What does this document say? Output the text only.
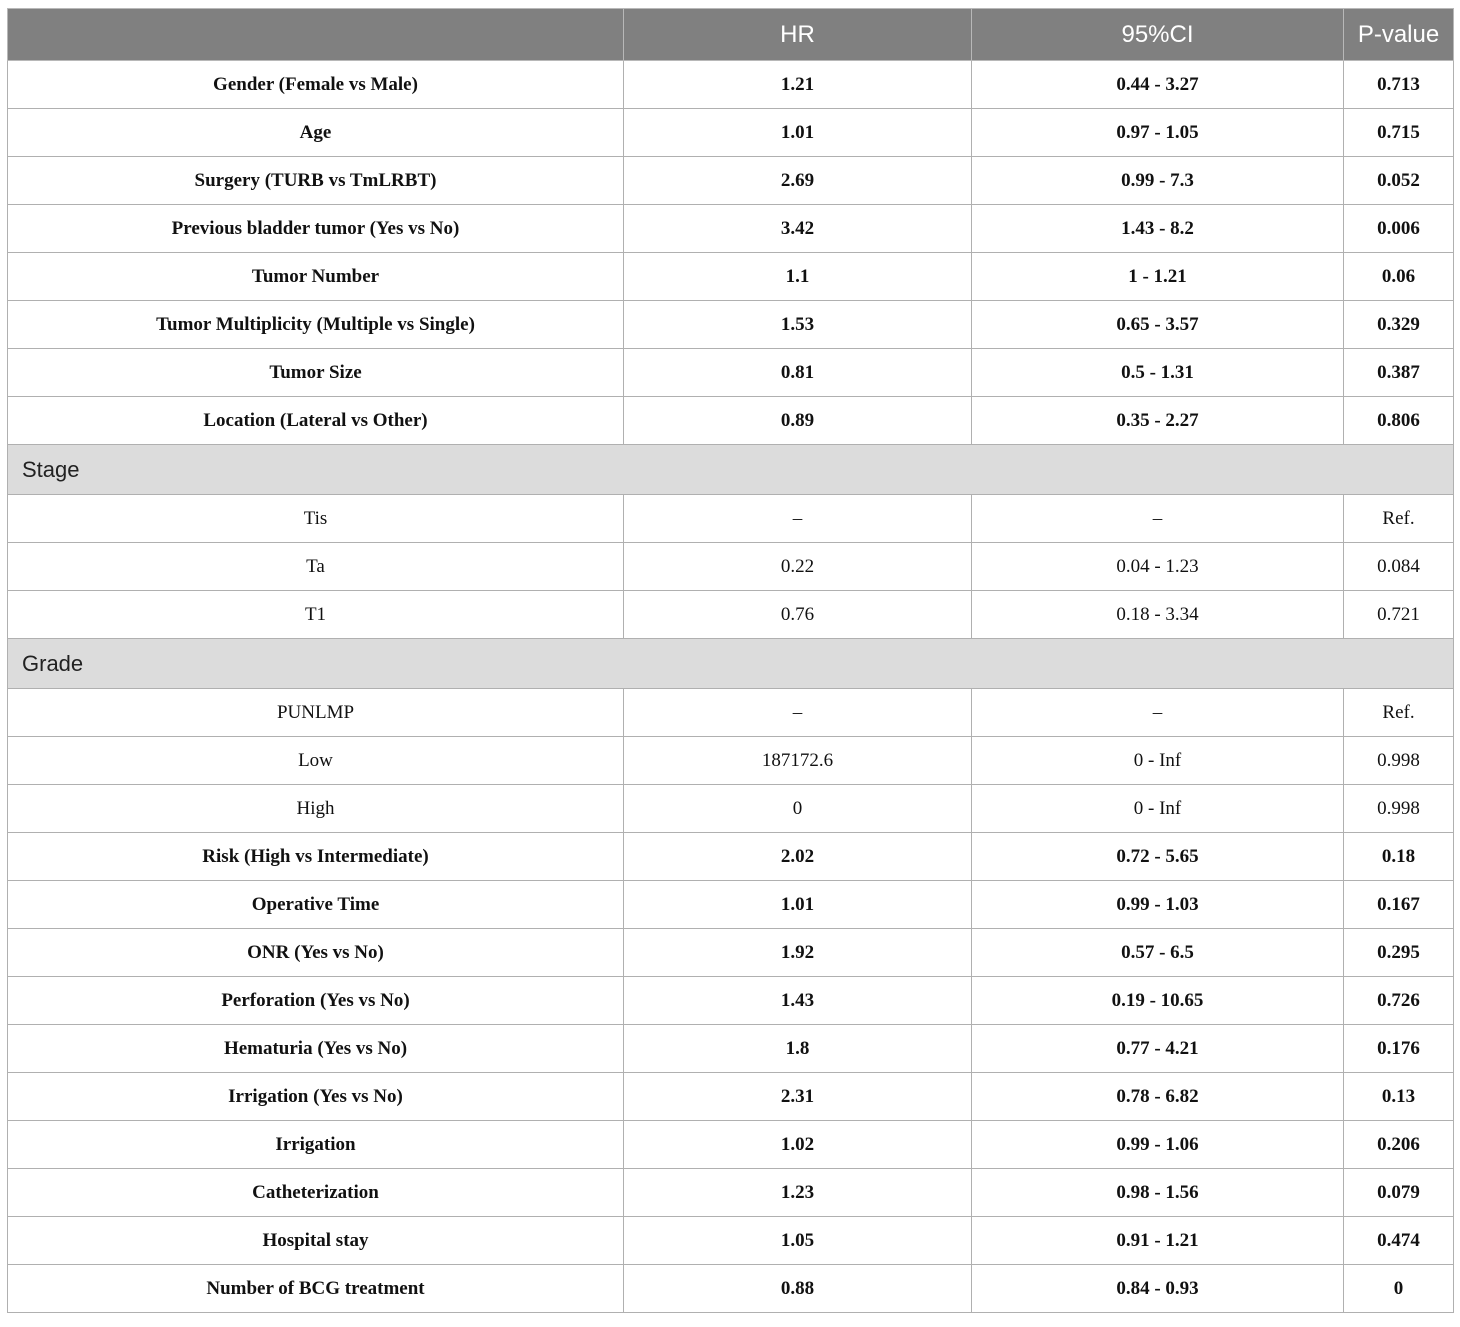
	HR	95%CI	P-value
Gender (Female vs Male)	1.21	0.44 - 3.27	0.713
Age	1.01	0.97 - 1.05	0.715
Surgery (TURB vs TmLRBT)	2.69	0.99 - 7.3	0.052
Previous bladder tumor (Yes vs No)	3.42	1.43 - 8.2	0.006
Tumor Number	1.1	1 - 1.21	0.06
Tumor Multiplicity (Multiple vs Single)	1.53	0.65 - 3.57	0.329
Tumor Size	0.81	0.5 - 1.31	0.387
Location (Lateral vs Other)	0.89	0.35 - 2.27	0.806
Stage			
Tis	–	–	Ref.
Ta	0.22	0.04 - 1.23	0.084
T1	0.76	0.18 - 3.34	0.721
Grade			
PUNLMP	–	–	Ref.
Low	187172.6	0 - Inf	0.998
High	0	0 - Inf	0.998
Risk (High vs Intermediate)	2.02	0.72 - 5.65	0.18
Operative Time	1.01	0.99 - 1.03	0.167
ONR (Yes vs No)	1.92	0.57 - 6.5	0.295
Perforation (Yes vs No)	1.43	0.19 - 10.65	0.726
Hematuria (Yes vs No)	1.8	0.77 - 4.21	0.176
Irrigation (Yes vs No)	2.31	0.78 - 6.82	0.13
Irrigation	1.02	0.99 - 1.06	0.206
Catheterization	1.23	0.98 - 1.56	0.079
Hospital stay	1.05	0.91 - 1.21	0.474
Number of BCG treatment	0.88	0.84 - 0.93	0
